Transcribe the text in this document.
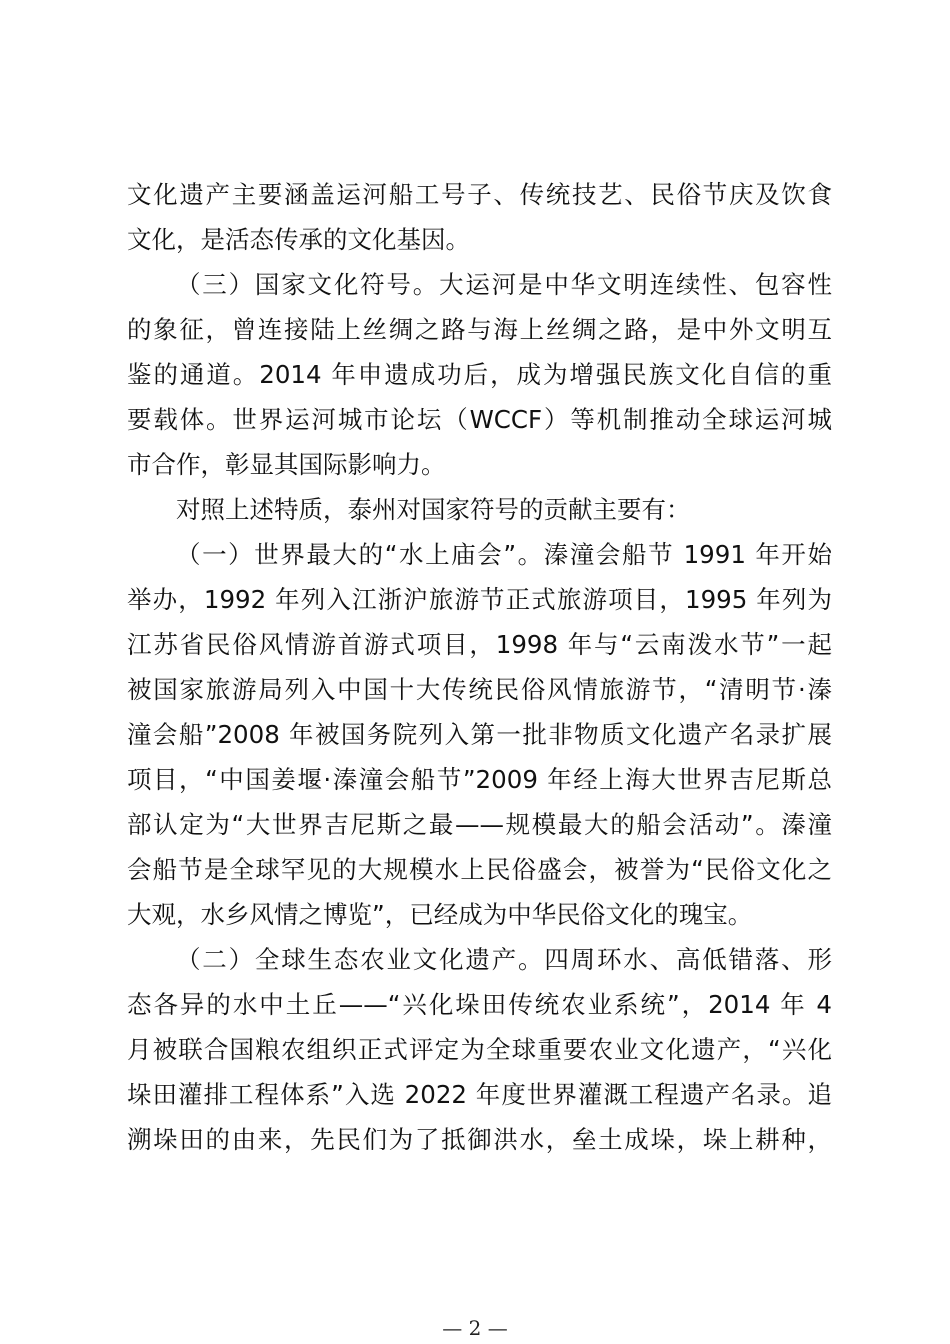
文化遗产主要涵盖运河船工号子、传统技艺、民俗节庆及饮食
文化，是活态传承的文化基因。
（三）国家文化符号。大运河是中华文明连续性、包容性
的象征，曾连接陆上丝绸之路与海上丝绸之路，是中外文明互
鉴的通道。2014 年申遗成功后，成为增强民族文化自信的重
要载体。世界运河城市论坛（WCCF）等机制推动全球运河城
市合作，彰显其国际影响力。
对照上述特质，泰州对国家符号的贡献主要有：
（一）世界最大的“水上庙会”。溱潼会船节 1991 年开始
举办，1992 年列入江浙沪旅游节正式旅游项目，1995 年列为
江苏省民俗风情游首游式项目，1998 年与“云南泼水节”一起
被国家旅游局列入中国十大传统民俗风情旅游节，“清明节·溱
潼会船”2008 年被国务院列入第一批非物质文化遗产名录扩展
项目，“中国姜堰·溱潼会船节”2009 年经上海大世界吉尼斯总
部认定为“大世界吉尼斯之最——规模最大的船会活动”。溱潼
会船节是全球罕见的大规模水上民俗盛会，被誉为“民俗文化之
大观，水乡风情之博览”，已经成为中华民俗文化的瑰宝。
（二）全球生态农业文化遗产。四周环水、高低错落、形
态各异的水中土丘——“兴化垛田传统农业系统”，2014 年 4
月被联合国粮农组织正式评定为全球重要农业文化遗产，“兴化
垛田灌排工程体系”入选 2022 年度世界灌溉工程遗产名录。追
溯垛田的由来，先民们为了抵御洪水，垒土成垛，垛上耕种，
— 2 —
